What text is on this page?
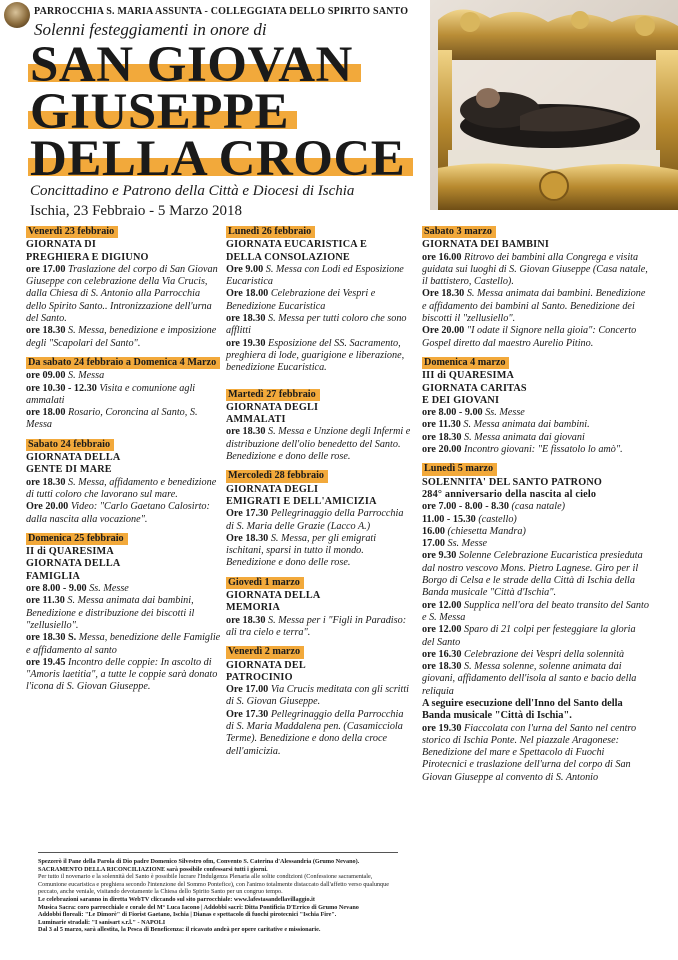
PARROCCHIA S. MARIA ASSUNTA - COLLEGGIATA DELLO SPIRITO SANTO
Solenni festeggiamenti in onore di
SAN GIOVAN
GIUSEPPE
DELLA CROCE
Concittadino e Patrono della Città e Diocesi di Ischia
Ischia, 23 Febbraio - 5 Marzo 2018
Venerdì 23 febbraio

GIORNATA DI

PREGHIERA E DIGIUNO

ore 17.00 Traslazione del corpo di San Giovan Giuseppe con celebrazione della Via Crucis, dalla Chiesa di S. Antonio alla Parrocchia dello Spirito Santo.. Intronizzazione dell'urna del Santo.

ore 18.30 S. Messa, benedizione e imposizione degli "Scapolari del Santo".

Da sabato 24 febbraio a Domenica 4 Marzo

ore 09.00 S. Messa

ore 10.30 - 12.30 Visita e comunione agli ammalati

ore 18.00 Rosario, Coroncina al Santo, S. Messa

Sabato 24 febbraio

GIORNATA DELLA

GENTE DI MARE

ore 18.30 S. Messa, affidamento e benedizione di tutti coloro che lavorano sul mare.

Ore 20.00 Video: "Carlo Gaetano Calosirto: dalla nascita alla vocazione".

Domenica 25 febbraio

II di QUARESIMA

GIORNATA DELLA

FAMIGLIA

ore 8.00 - 9.00 Ss. Messe

ore 11.30 S. Messa animata dai bambini, Benedizione e distribuzione dei biscotti il "zellusiello".

ore 18.30 S. Messa, benedizione delle Famiglie e affidamento al santo

ore 19.45 Incontro delle coppie: In ascolto di "Amoris laetitia", a tutte le coppie sarà donato l'icona di S. Giovan Giuseppe.

Lunedì 26 febbraio

GIORNATA EUCARISTICA E

DELLA CONSOLAZIONE

Ore 9.00 S. Messa con Lodi ed Esposizione Eucaristica

Ore 18.00 Celebrazione dei Vespri e Benedizione Eucaristica

ore 18.30 S. Messa per tutti coloro che sono afflitti

ore 19.30 Esposizione del SS. Sacramento, preghiera di lode, guarigione e liberazione, benedizione Eucaristica.

Martedì 27 febbraio

GIORNATA DEGLI

AMMALATI

ore 18.30 S. Messa e Unzione degli Infermi e distribuzione dell'olio benedetto del Santo. Benedizione e dono delle rose.

Mercoledì 28 febbraio

GIORNATA DEGLI

EMIGRATI E DELL'AMICIZIA

Ore 17.30 Pellegrinaggio della Parrocchia di S. Maria delle Grazie (Lacco A.)

Ore 18.30 S. Messa, per gli emigrati ischitani, sparsi in tutto il mondo. Benedizione e dono delle rose.

Giovedì 1 marzo

GIORNATA DELLA

MEMORIA

ore 18.30 S. Messa per i "Figli in Paradiso: ali tra cielo e terra".

Venerdì 2 marzo

GIORNATA DEL

PATROCINIO

Ore 17.00 Via Crucis meditata con gli scritti di S. Giovan Giuseppe.

Ore 17.30 Pellegrinaggio della Parrocchia di S. Maria Maddalena pen. (Casamicciola Terme). Benedizione e dono della croce dell'amicizia.

Sabato 3 marzo

GIORNATA DEI BAMBINI

ore 16.00 Ritrovo dei bambini alla Congrega e visita guidata sui luoghi di S. Giovan Giuseppe (Casa natale, il battistero, Castello).

Ore 18.30 S. Messa animata dai bambini. Benedizione e affidamento dei bambini al Santo. Benedizione dei biscotti il "zellusiello".

Ore 20.00 "I odate il Signore nella gioia": Concerto Gospel diretto dal maestro Aurelio Pitino.

Domenica 4 marzo

III di QUARESIMA

GIORNATA CARITAS

E DEI GIOVANI

ore 8.00 - 9.00 Ss. Messe

ore 11.30 S. Messa animata dai bambini.

ore 18.30 S. Messa animata dai giovani

ore 20.00 Incontro giovani: "E fissatolo lo amò".

Lunedì 5 marzo

SOLENNITA' DEL SANTO PATRONO

284° anniversario della nascita al cielo

ore 7.00 - 8.00 - 8.30 (casa natale)

11.00 - 15.30 (castello)

16.00 (chiesetta Mandra)

17.00 Ss. Messe

ore 9.30 Solenne Celebrazione Eucaristica presieduta dal nostro vescovo Mons. Pietro Lagnese. Giro per il Borgo di Celsa e le strade della Città di Ischia della Banda musicale "Città d'Ischia".

ore 12.00 Supplica nell'ora del beato transito del Santo e S. Messa

ore 12.00 Sparo di 21 colpi per festeggiare la gloria del Santo

ore 16.30 Celebrazione dei Vespri della solennità

ore 18.30 S. Messa solenne, solenne animata dai giovani, affidamento dell'isola al santo e bacio della reliquia

A seguire esecuzione dell'Inno del Santo della Banda musicale "Città di Ischia".

ore 19.30 Fiaccolata con l'urna del Santo nel centro storico di Ischia Ponte. Nel piazzale Aragonese: Benedizione del mare e Spettacolo di Fuochi Pirotecnici e traslazione dell'urna del corpo di San Giovan Giuseppe al convento di S. Antonio

Spezzerò il Pane della Parola di Dio padre Domenico Silvestro ofm, Convento S. Caterina d'Alessandria (Grumo Nevano).

SACRAMENTO DELLA RICONCILIAZIONE sarà possibile confessarsi tutti i giorni.

Per tutto il novenario e la solennità del Santo è possibile lucrare l'Indulgenza Plenaria alle solite condizioni (Confessione sacramentale, Comunione eucaristica e preghiera secondo l'intenzione del Sommo Pontefice), con l'animo totalmente distaccato dall'affetto verso qualunque peccato, anche veniale, visitando devotamente la Chiesa dello Spirito Santo per un congruo tempo.

Le celebrazioni saranno in diretta WebTV cliccando sul sito parrocchiale: www.lafestasandellavillaggio.it

Musica Sacra: coro parrocchiale e corale del M° Luca Iacono | Addobbi sacri: Ditta Pontificia D'Errico di Grumo Nevano

Addobbi floreali: "Le Dimorè" di Fiorist Gaetano, Ischia | Dianas e spettacolo di fuochi pirotecnici "Ischia Fire".

Luminarie stradali: "I sanisart s.r.l." - NAPOLI

Dal 3 al 5 marzo, sarà allestita, la Pesca di Beneficenza: il ricavato andrà per opere caritative e missionarie.
